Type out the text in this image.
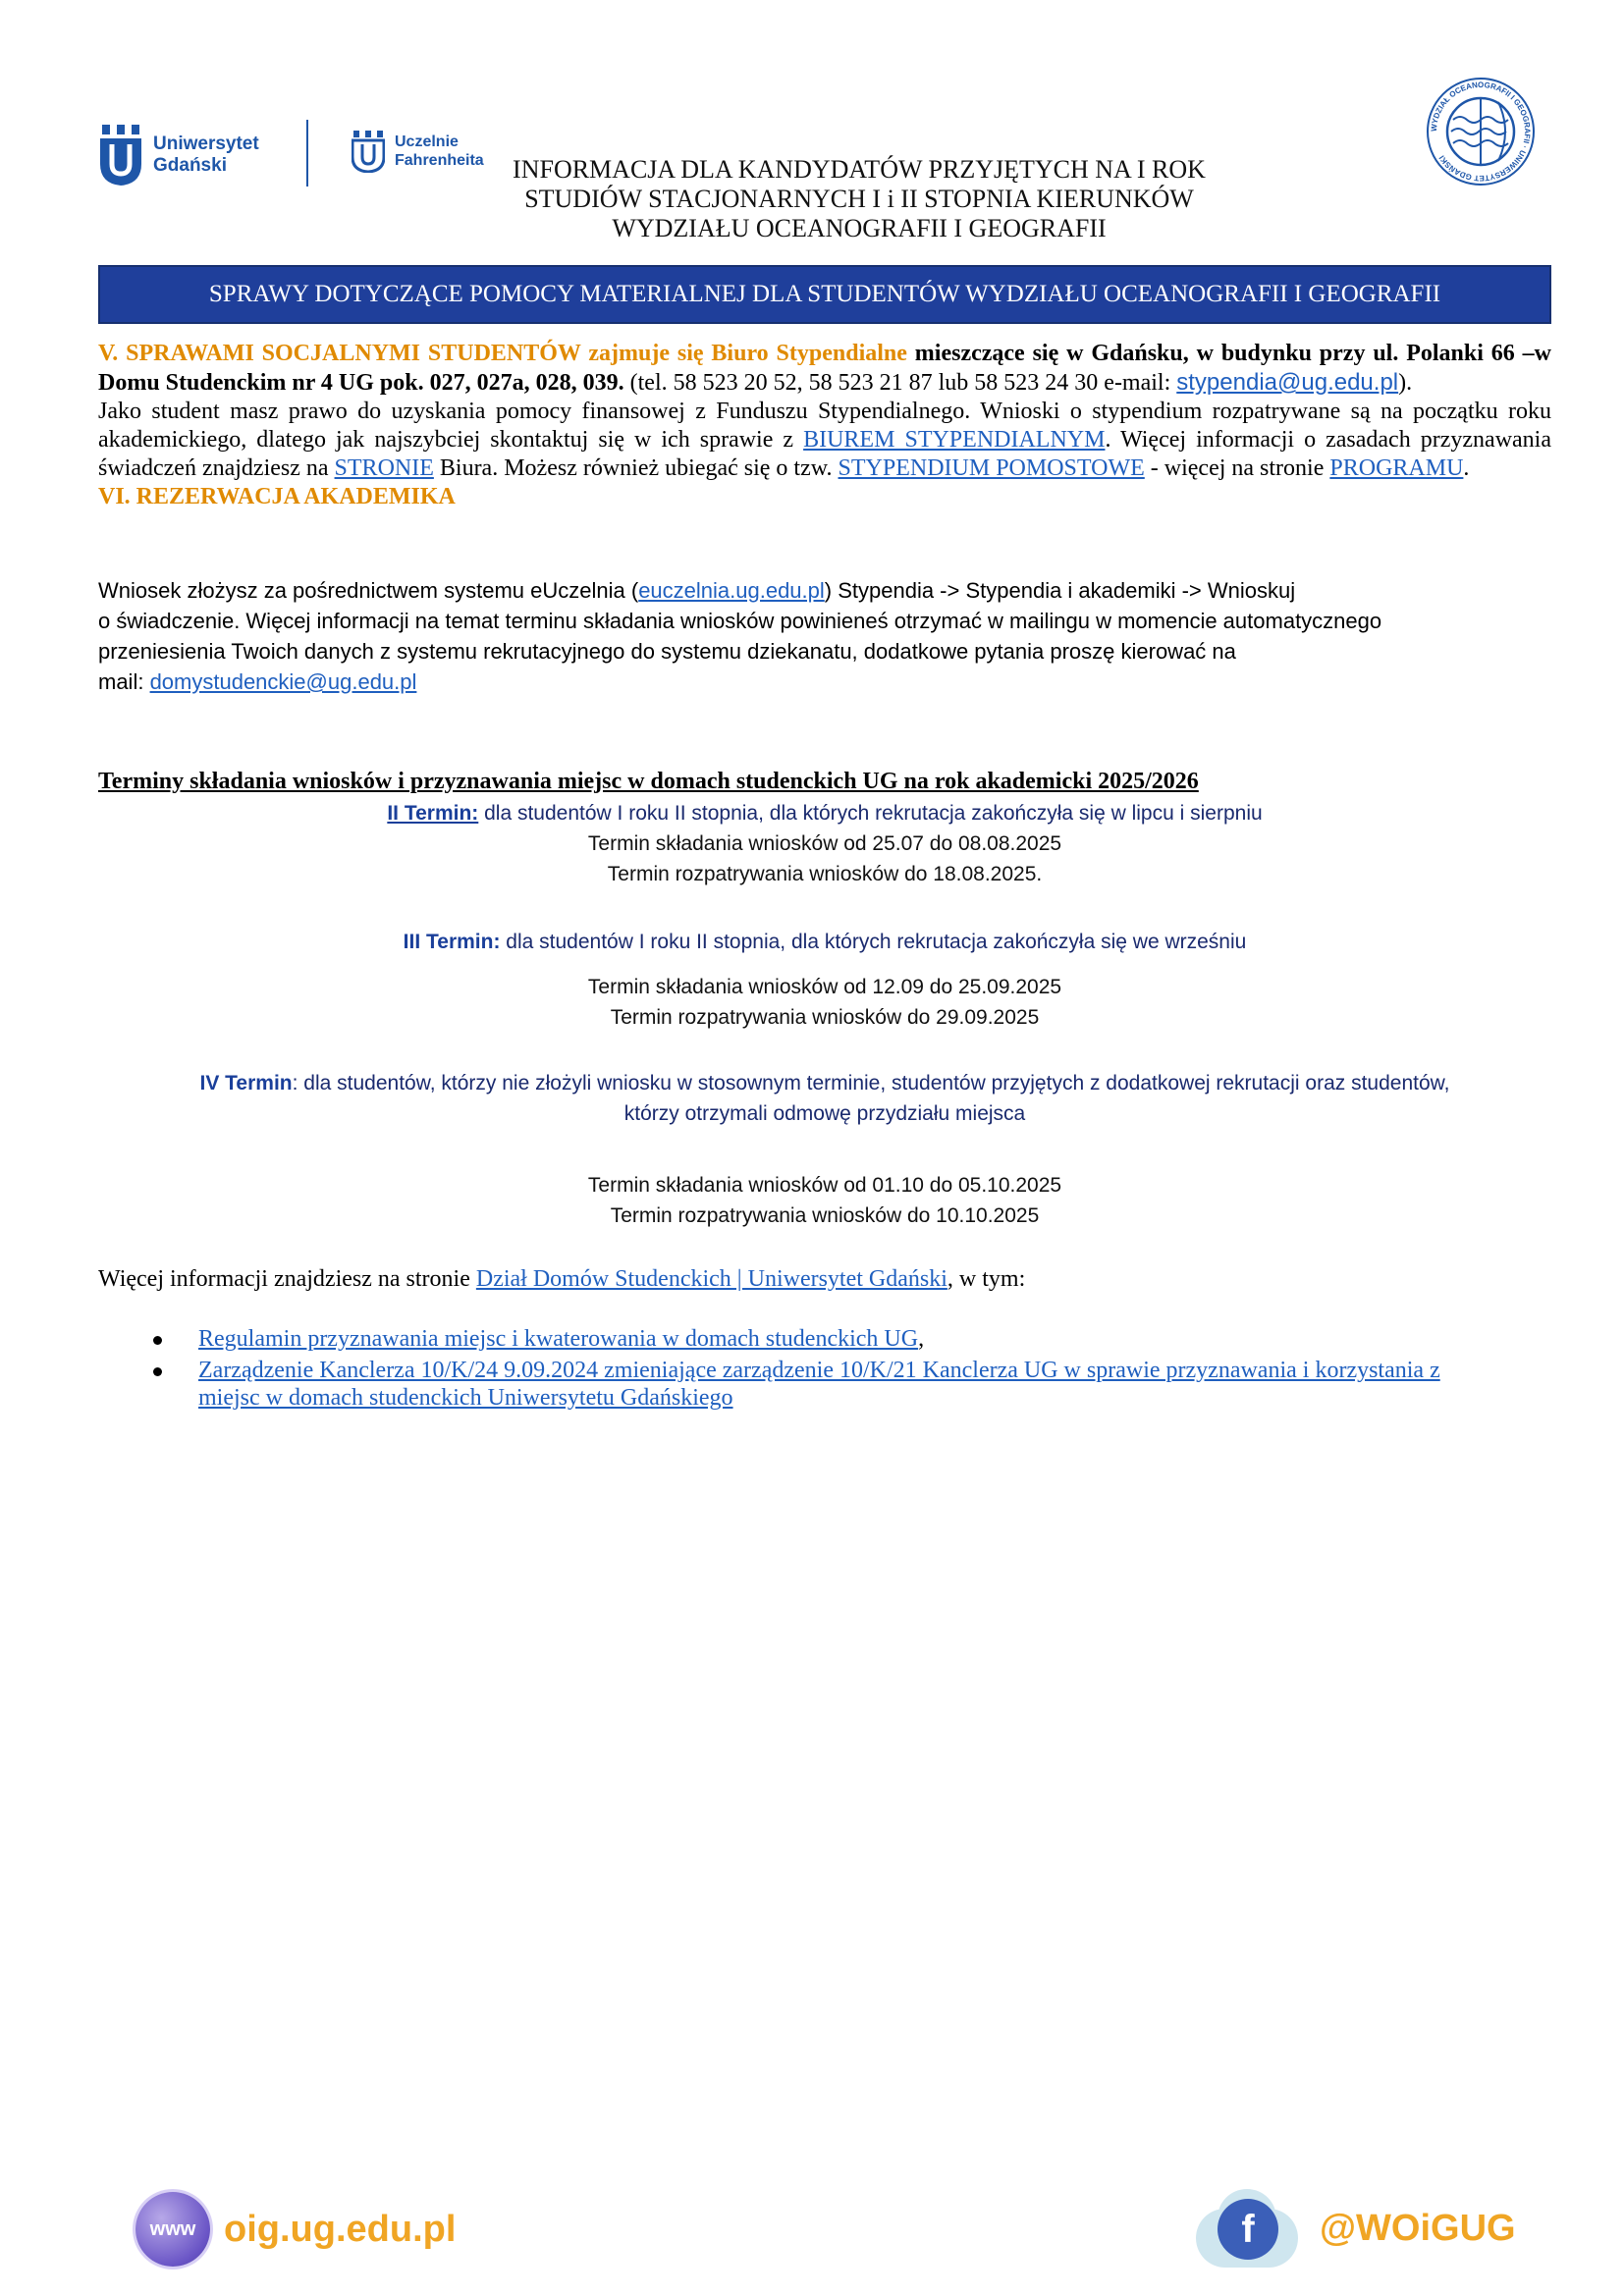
Uniwersytet
Gdański
Uczelnie
Fahrenheita
WYDZIAŁ OCEANOGRAFII I GEOGRAFII · UNIWERSYTET GDAŃSKI
INFORMACJA DLA KANDYDATÓW PRZYJĘTYCH NA I ROK
STUDIÓW STACJONARNYCH I i II STOPNIA KIERUNKÓW
WYDZIAŁU OCEANOGRAFII I GEOGRAFII
SPRAWY DOTYCZĄCE POMOCY MATERIALNEJ DLA STUDENTÓW WYDZIAŁU OCEANOGRAFII I GEOGRAFII

V. SPRAWAMI SOCJALNYMI STUDENTÓW zajmuje się Biuro Stypendialne mieszczące się w Gdańsku, w budynku przy ul. Polanki 66 –w Domu Studenckim nr 4 UG pok. 027, 027a, 028, 039. (tel. 58 523 20 52, 58 523 21 87 lub 58 523 24 30 e-mail: stypendia@ug.edu.pl).

Jako student masz prawo do uzyskania pomocy finansowej z Funduszu Stypendialnego. Wnioski o stypendium rozpatrywane są na początku roku akademickiego, dlatego jak najszybciej skontaktuj się w ich sprawie z BIUREM STYPENDIALNYM. Więcej informacji o zasadach przyznawania świadczeń znajdziesz na STRONIE Biura. Możesz również ubiegać się o tzw. STYPENDIUM POMOSTOWE - więcej na stronie PROGRAMU.

VI. REZERWACJA AKADEMIKA

Wniosek złożysz za pośrednictwem systemu eUczelnia (euczelnia.ug.edu.pl) Stypendia -> Stypendia i akademiki -> Wnioskuj

o świadczenie. Więcej informacji na temat terminu składania wniosków powinieneś otrzymać w mailingu w momencie automatycznego

przeniesienia Twoich danych z systemu rekrutacyjnego do systemu dziekanatu, dodatkowe pytania proszę kierować na

mail: domystudenckie@ug.edu.pl

Terminy składania wniosków i przyznawania miejsc w domach studenckich UG na rok akademicki 2025/2026
II Termin: dla studentów I roku II stopnia, dla których rekrutacja zakończyła się w lipcu i sierpniu
Termin składania wniosków od 25.07 do 08.08.2025
Termin rozpatrywania wniosków do 18.08.2025.
III Termin: dla studentów I roku II stopnia, dla których rekrutacja zakończyła się we wrześniu
Termin składania wniosków od 12.09 do 25.09.2025
Termin rozpatrywania wniosków do 29.09.2025
IV Termin: dla studentów, którzy nie złożyli wniosku w stosownym terminie, studentów przyjętych z dodatkowej rekrutacji oraz studentów,
którzy otrzymali odmowę przydziału miejsca
Termin składania wniosków od 01.10 do 05.10.2025
Termin rozpatrywania wniosków do 10.10.2025
Więcej informacji znajdziesz na stronie Dział Domów Studenckich | Uniwersytet Gdański, w tym:
Regulamin przyznawania miejsc i kwaterowania w domach studenckich UG,
Zarządzenie Kanclerza 10/K/24 9.09.2024 zmieniające zarządzenie 10/K/21 Kanclerza UG w sprawie przyznawania i korzystania z miejsc w domach studenckich Uniwersytetu Gdańskiego
www oig.ug.edu.pl	f	@WOiGUG
